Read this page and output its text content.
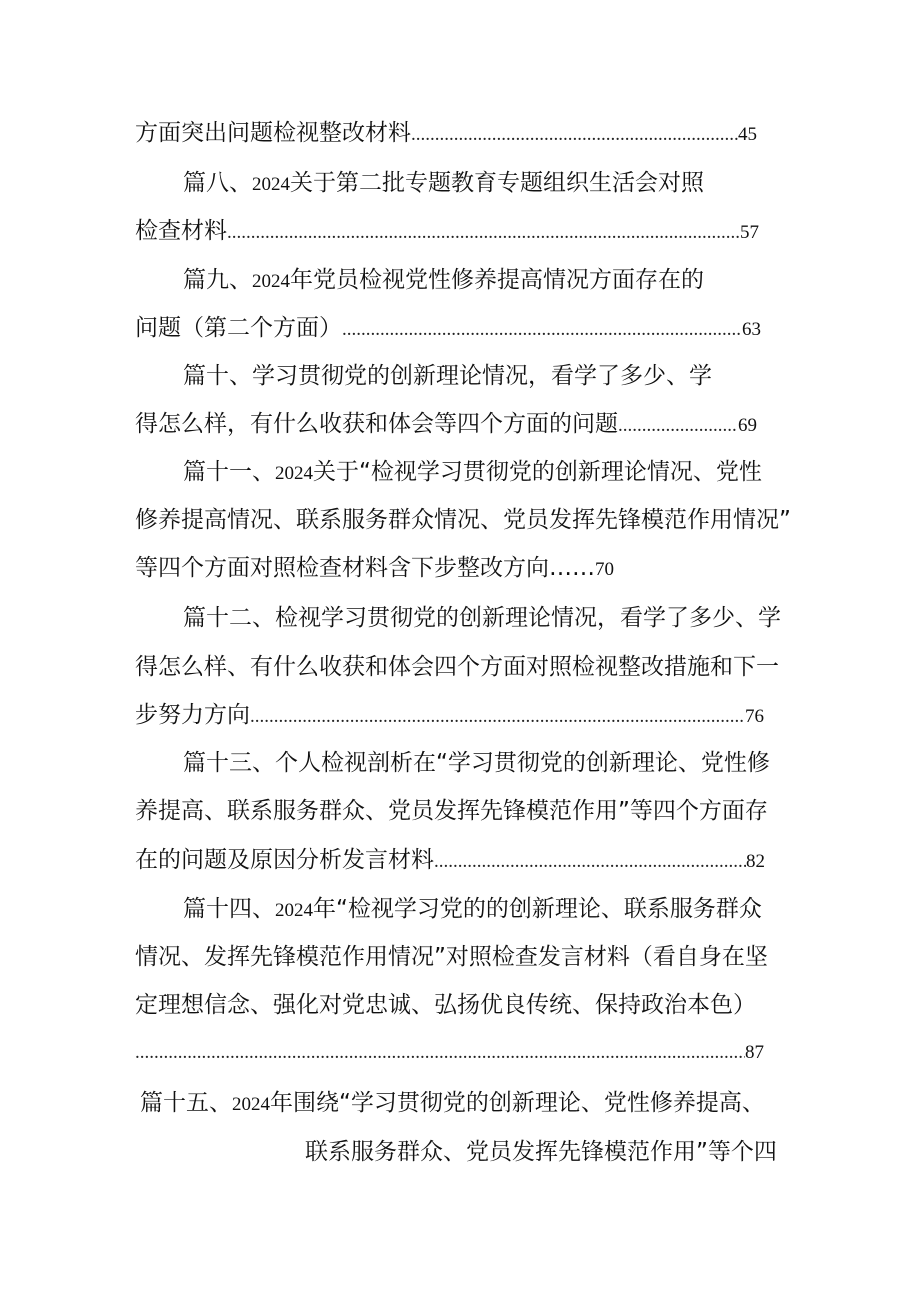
方面突出问题检视整改材料 .....	45
篇八、 2024 关于第二批专题教育专题组织生活会对照
检查材料 .....	57
篇九、 2024 年党员检视党性修养提高情况方面存在的
问题（第二个方面） .....	63
篇十、学习贯彻党的创新理论情况，看学了多少、学
得怎么样，有什么收获和体会等四个方面的问题 .....	69
篇十一、 2024 关于“检视学习贯彻党的创新理论情况、党性
修养提高情况、联系服务群众情况、党员发挥先锋模范作用情况”
等四个方面对照检查材料含下步整改方向 …… 70
篇十二、检视学习贯彻党的创新理论情况，看学了多少、学
得怎么样、有什么收获和体会四个方面对照检视整改措施和下一
步努力方向 .....	76
篇十三、个人检视剖析在“学习贯彻党的创新理论、党性修
养提高、联系服务群众、党员发挥先锋模范作用”等四个方面存
在的问题及原因分析发言材料 .....	82
篇十四、 2024 年“检视学习党的的创新理论、联系服务群众
情况、发挥先锋模范作用情况”对照检查发言材料（看自身在坚
定理想信念、强化对党忠诚、弘扬优良传统、保持政治本色）
.....
87
篇十五、 2024 年围绕“学习贯彻党的创新理论、党性修养提高、
联系服务群众、党员发挥先锋模范作用”等个四
